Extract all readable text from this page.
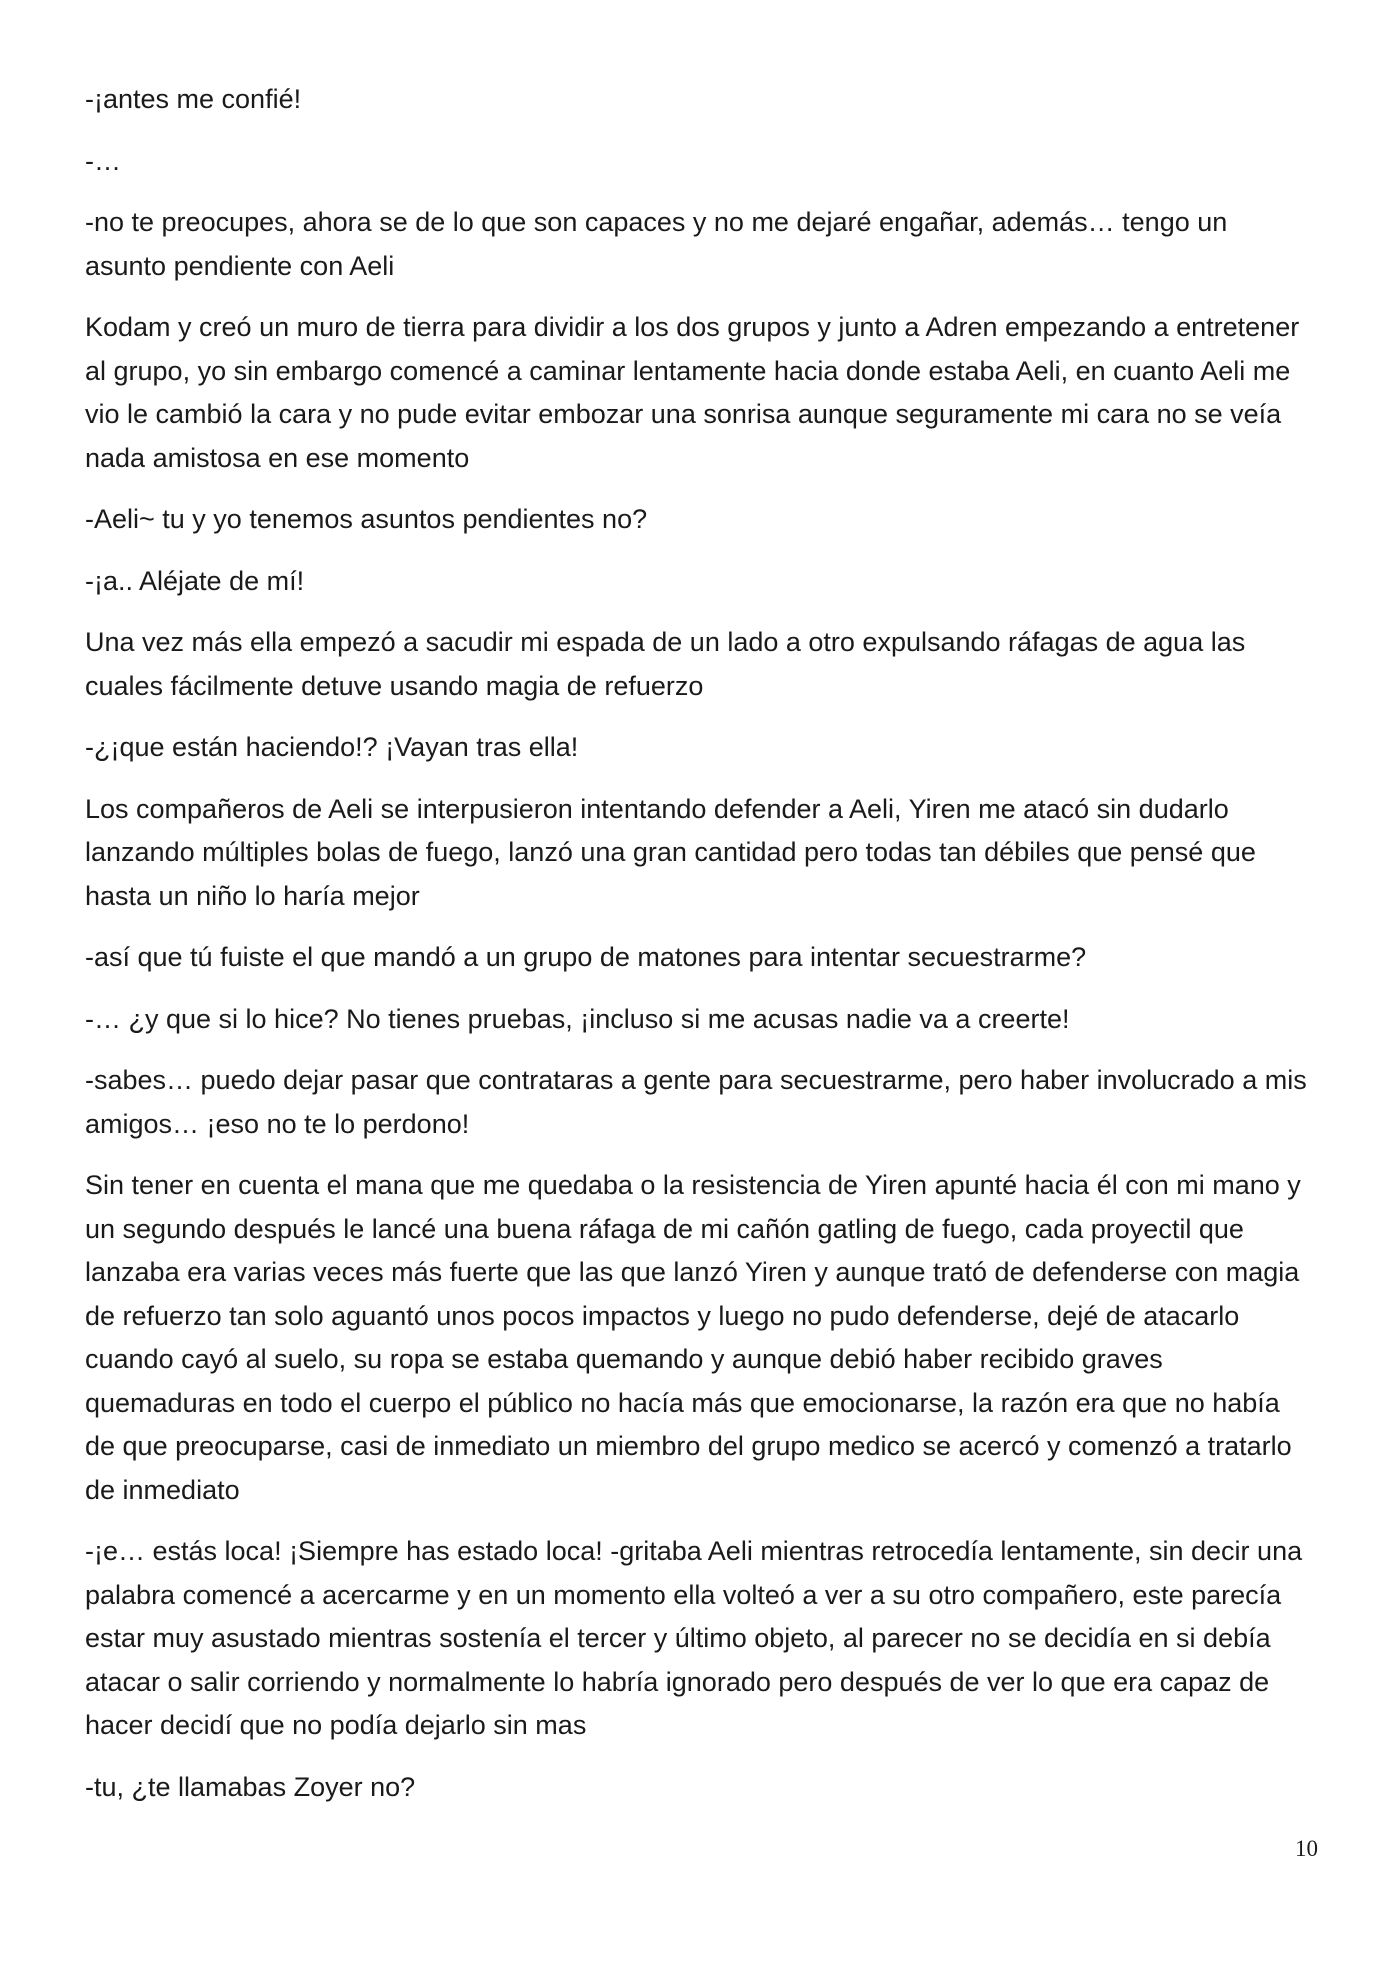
-¡antes me confié!

-…

-no te preocupes, ahora se de lo que son capaces y no me dejaré engañar, además… tengo un asunto pendiente con Aeli

Kodam y creó un muro de tierra para dividir a los dos grupos y junto a Adren empezando a entretener al grupo, yo sin embargo comencé a caminar lentamente hacia donde estaba Aeli, en cuanto Aeli me vio le cambió la cara y no pude evitar embozar una sonrisa aunque seguramente mi cara no se veía nada amistosa en ese momento

-Aeli~ tu y yo tenemos asuntos pendientes no?

-¡a.. Aléjate de mí!

Una vez más ella empezó a sacudir mi espada de un lado a otro expulsando ráfagas de agua las cuales fácilmente detuve usando magia de refuerzo

-¿¡que están haciendo!? ¡Vayan tras ella!

Los compañeros de Aeli se interpusieron intentando defender a Aeli, Yiren me atacó sin dudarlo lanzando múltiples bolas de fuego, lanzó una gran cantidad pero todas tan débiles que pensé que hasta un niño lo haría mejor

-así que tú fuiste el que mandó a un grupo de matones para intentar secuestrarme?

-… ¿y que si lo hice? No tienes pruebas, ¡incluso si me acusas nadie va a creerte!

-sabes… puedo dejar pasar que contrataras a gente para secuestrarme, pero haber involucrado a mis amigos… ¡eso no te lo perdono!

Sin tener en cuenta el mana que me quedaba o la resistencia de Yiren apunté hacia él con mi mano y un segundo después le lancé una buena ráfaga de mi cañón gatling de fuego, cada proyectil que lanzaba era varias veces más fuerte que las que lanzó Yiren y aunque trató de defenderse con magia de refuerzo tan solo aguantó unos pocos impactos y luego no pudo defenderse, dejé de atacarlo cuando cayó al suelo, su ropa se estaba quemando y aunque debió haber recibido graves quemaduras en todo el cuerpo el público no hacía más que emocionarse, la razón era que no había de que preocuparse, casi de inmediato un miembro del grupo medico se acercó y comenzó a tratarlo de inmediato

-¡e… estás loca! ¡Siempre has estado loca! -gritaba Aeli mientras retrocedía lentamente, sin decir una palabra comencé a acercarme y en un momento ella volteó a ver a su otro compañero, este parecía estar muy asustado mientras sostenía el tercer y último objeto, al parecer no se decidía en si debía atacar o salir corriendo y normalmente lo habría ignorado pero después de ver lo que era capaz de hacer decidí que no podía dejarlo sin mas

-tu, ¿te llamabas Zoyer no?

10
